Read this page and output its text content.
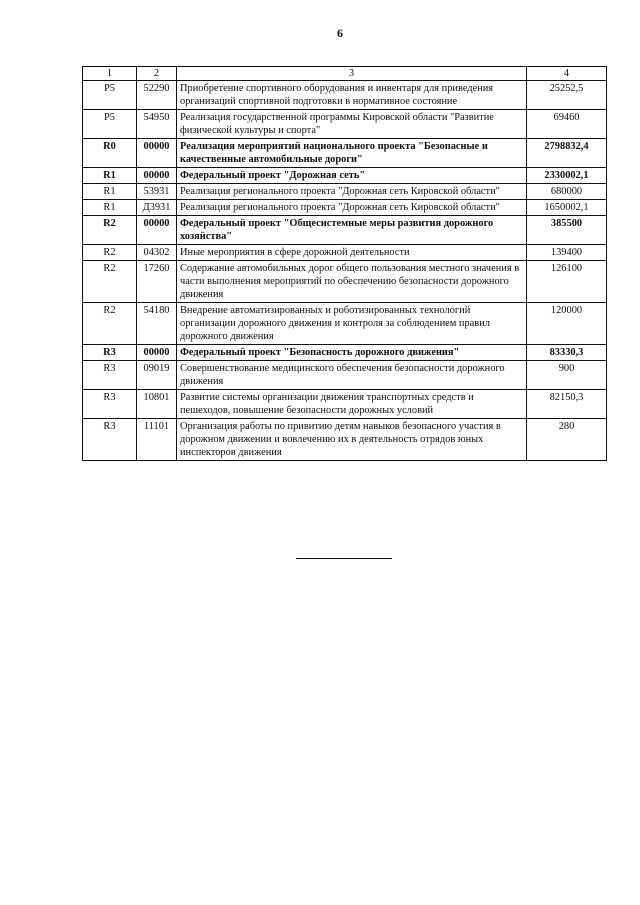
6
1	2	3	4
Р5	52290	Приобретение спортивного оборудования и инвентаря для приведения организаций спортивной подготовки в нормативное состояние	25252,5
Р5	54950	Реализация государственной программы Кировской области "Развитие физической культуры и спорта"	69460
R0	00000	Реализация мероприятий национального проекта "Безопасные и качественные автомобильные дороги"	2798832,4
R1	00000	Федеральный проект "Дорожная сеть"	2330002,1
R1	53931	Реализация регионального проекта "Дорожная сеть Кировской области"	680000
R1	Д3931	Реализация регионального проекта "Дорожная сеть Кировской области"	1650002,1
R2	00000	Федеральный проект "Общесистемные меры развития дорожного хозяйства"	385500
R2	04302	Иные мероприятия в сфере дорожной деятельности	139400
R2	17260	Содержание автомобильных дорог общего пользования местного значения в части выполнения мероприятий по обеспечению безопасности дорожного движения	126100
R2	54180	Внедрение автоматизированных и роботизированных технологий организации дорожного движения и контроля за соблюдением правил дорожного движения	120000
R3	00000	Федеральный проект "Безопасность дорожного движения"	83330,3
R3	09019	Совершенствование медицинского обеспечения безопасности дорожного движения	900
R3	10801	Развитие системы организации движения транспортных средств и пешеходов, повышение безопасности дорожных условий	82150,3
R3	11101	Организация работы по привитию детям навыков безопасного участия в дорожном движении и вовлечению их в деятельность отрядов юных инспекторов движения	280
